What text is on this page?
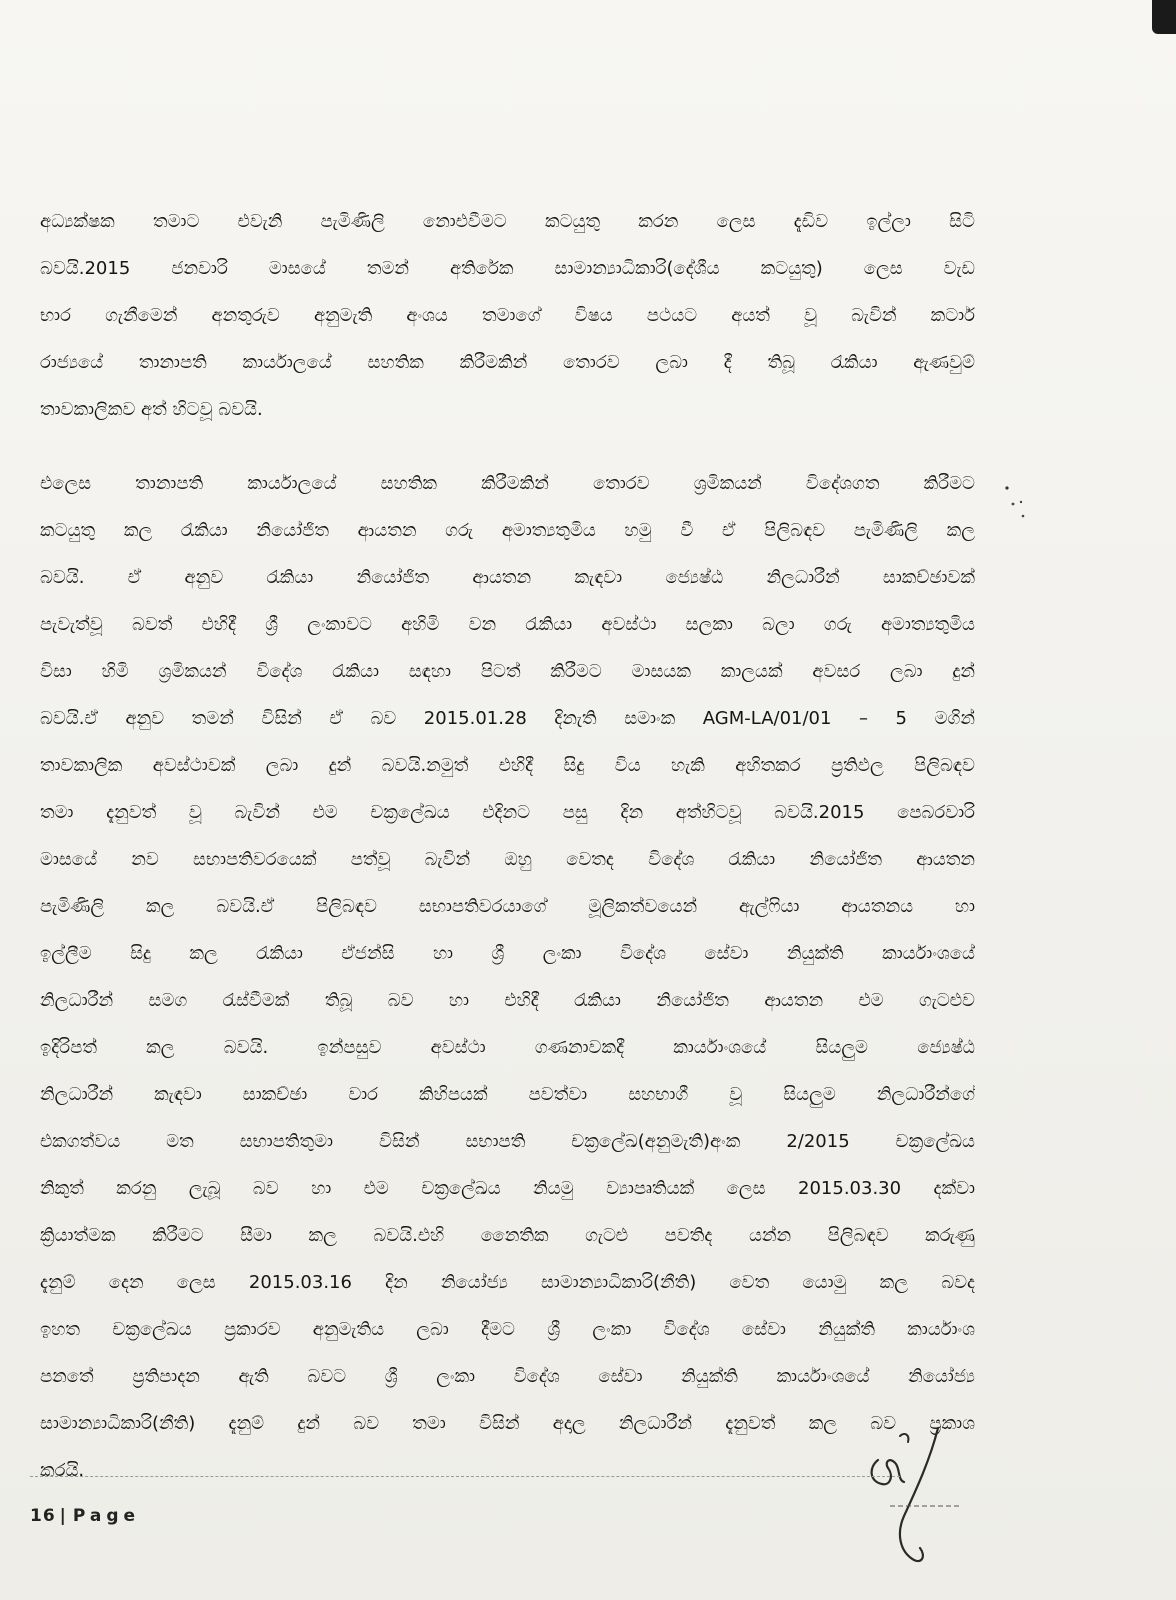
අධ්‍යක්ෂක තමාට එවැනි පැමිණිලි නොඑවීමට කටයුතු කරන ලෙස දැඩිව ඉල්ලා සිටි
බවයි.2015 ජනවාරි මාසයේ තමන් අතිරේක සාමාන්‍යාධිකාරි(දේශීය කටයුතු) ලෙස වැඩ
භාර ගැනීමෙන් අනතුරුව අනුමැති අංශය තමාගේ විෂය පථයට අයත් වූ බැවින් කටාර්
රාජ්‍යයේ තානාපති කාර්යාලයේ සහතික කිරීමකින් තොරව ලබා දී තිබූ රැකියා ඇණවුම්
තාවකාලිකව අත් හිටවූ බවයි.
එලෙස තානාපති කාර්යාලයේ සහතික කිරීමකින් තොරව ශ්‍රමිකයන් විදේශගත කිරීමට
කටයුතු කල රැකියා නියෝජිත ආයතන ගරු අමාත්‍යතුමිය හමු වී ඒ පිලිබඳව පැමිණිලි කල
බවයි. ඒ අනුව රැකියා නියෝජිත ආයතන කැඳවා ජ්‍යෙෂ්ඨ නිලධාරීන් සාකච්ඡාවක්
පැවැත්වූ බවත් එහිදී ශ්‍රී ලංකාවට අහිමි වන රැකියා අවස්ථා සලකා බලා ගරු අමාත්‍යතුමිය
විසා හිමි ශ්‍රමිකයන් විදේශ රැකියා සඳහා පිටත් කිරීමට මාසයක කාලයක් අවසර ලබා දුන්
බවයි.ඒ අනුව තමන් විසින් ඒ බව 2015.01.28 දිනැති සමාංක AGM-LA/01/01 – 5 මගින්
තාවකාලික අවස්ථාවක් ලබා දුන් බවයි.නමුත් එහිදී සිදු විය හැකි අහිතකර ප්‍රතිඵල පිලිබඳව
තමා දැනුවත් වූ බැවින් එම චක්‍රලේඛය එදිනට පසු දින අත්හිටවූ බවයි.2015 පෙබරවාරි
මාසයේ නව සභාපතිවරයෙක් පත්වූ බැවින් ඔහු වෙතද විදේශ රැකියා නියෝජිත ආයතන
පැමිණිලි කල බවයි.ඒ පිලිබඳව සභාපතිවරයාගේ මූලිකත්වයෙන් ඇල්ෆියා ආයතනය හා
ඉල්ලීම සිදු කල රැකියා ඒජන්සි හා ශ්‍රී ලංකා විදේශ සේවා නියුක්ති කාර්යාංශයේ
නිලධාරීන් සමග රැස්වීමක් තිබූ බව හා එහිදී රැකියා නියෝජිත ආයතන එම ගැටළුව
ඉදිරිපත් කල බවයි. ඉන්පසුව අවස්ථා ගණනාවකදී කාර්යාංශයේ සියලුම ජ්‍යෙෂ්ඨ
නිලධාරීන් කැඳවා සාකච්ඡා වාර කිහිපයක් පවත්වා සහභාගී වූ සියලුම නිලධාරීන්ගේ
එකගත්වය මත සභාපතිතුමා විසින් සභාපති චක්‍රලේඛ(අනුමැති)අංක 2/2015 චක්‍රලේඛය
නිකුත් කරනු ලැබූ බව හා එම චක්‍රලේඛය නියමු ව්‍යාපෘතියක් ලෙස 2015.03.30 දක්වා
ක්‍රියාත්මක කිරීමට සීමා කල බවයි.එහි නෛතික ගැටළු පවතිද යන්න පිලිබඳව කරුණු
දැනුම් දෙන ලෙස 2015.03.16 දින නියෝජ්‍ය සාමාන්‍යාධිකාරි(නීති) වෙත යොමු කල බවද
ඉහත චක්‍රලේඛය ප්‍රකාරව අනුමැතිය ලබා දීමට ශ්‍රී ලංකා විදේශ සේවා නියුක්ති කාර්යාංශ
පනතේ ප්‍රතිපාදන ඇති බවට ශ්‍රී ලංකා විදේශ සේවා නියුක්ති කාර්යාංශයේ නියෝජ්‍ය
සාමාන්‍යාධිකාරි(නීති) දැනුම් දුන් බව තමා විසින් අදාල නිලධාරීන් දැනුවත් කල බව ප්‍රකාශ
කරයි.
16 | Page
